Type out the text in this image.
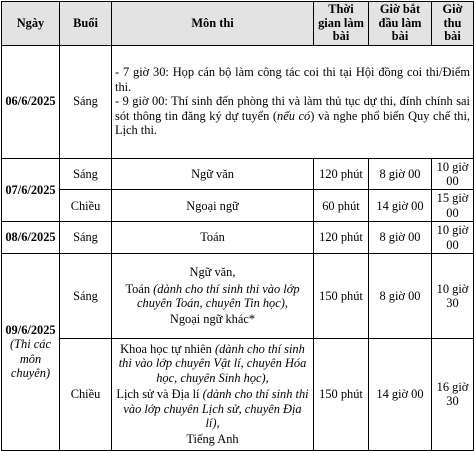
Ngày	Buổi	Môn thi	Thời gian làm bài	Giờ bắt đầu làm bài	Giờ thu bài
06/6/2025	Sáng	- 7 giờ 30: Họp cán bộ làm công tác coi thi tại Hội đồng coi thi/Điểm thi.
- 9 giờ 00: Thí sinh đến phòng thi và làm thủ tục dự thi, đính chính sai sót thông tin đăng ký dự tuyển (nếu có) và nghe phổ biến Quy chế thi, Lịch thi.			

07/6/2025	Sáng	Ngữ văn	120 phút	8 giờ 00	10 giờ 00
	Chiều	Ngoại ngữ	60 phút	14 giờ 00	15 giờ 00
08/6/2025	Sáng	Toán	120 phút	8 giờ 00	10 giờ 00
09/6/2025
(Thi các môn chuyên)	Sáng	Ngữ văn,
Toán (dành cho thí sinh thi vào lớp chuyên Toán, chuyên Tin học),
Ngoại ngữ khác*	150 phút	8 giờ 00	10 giờ 30
	Chiều	Khoa học tự nhiên (dành cho thí sinh thi vào lớp chuyên Vật lí, chuyên Hóa học, chuyên Sinh học),
Lịch sử và Địa lí (dành cho thí sinh thi vào lớp chuyên Lịch sử, chuyên Địa lí),
Tiếng Anh	150 phút	14 giờ 00	16 giờ 30
